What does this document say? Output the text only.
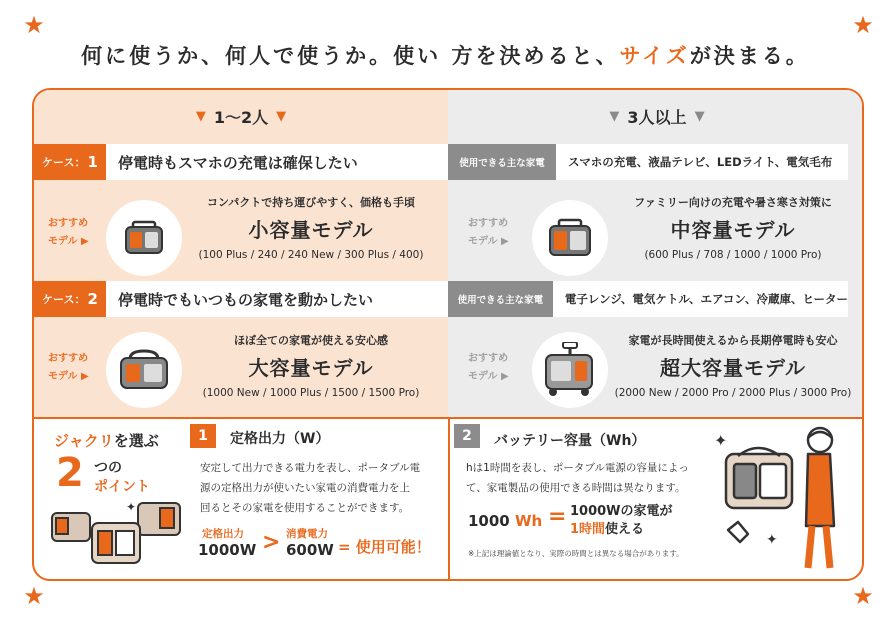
★	★
★	★
何に使うか、何人で使うか。使い 方を決めると、サイズが決まる。
▼ 1〜2人 ▼
ケース： 1	停電時もスマホの充電は確保したい
おすすめ
モデル ▶
コンパクトで持ち運びやすく、価格も手頃
小容量モデル
(100 Plus / 240 / 240 New / 300 Plus / 400)
ケース： 2	停電時でもいつもの家電を動かしたい
おすすめ
モデル ▶
ほぼ全ての家電が使える安心感
大容量モデル
(1000 New / 1000 Plus / 1500 / 1500 Pro)
▼ 3人以上 ▼
使用できる主な家電	スマホの充電、液晶テレビ、LEDライト、電気毛布
おすすめ
モデル ▶
ファミリー向けの充電や暑さ寒さ対策に
中容量モデル
(600 Plus / 708 / 1000 / 1000 Pro)
使用できる主な家電	電子レンジ、電気ケトル、エアコン、冷蔵庫、ヒーター
おすすめ
モデル ▶
家電が長時間使えるから長期停電時も安心
超大容量モデル
(2000 New / 2000 Pro / 2000 Plus / 3000 Pro)
ジャクリを選ぶ
2 つの
ポイント
✦
1	定格出力（W）
安定して出力できる電力を表し、ポータブル電
源の定格出力が使いたい家電の消費電力を上
回るとその家電を使用することができます。
定格出力
1000W > 消費電力
600W = 使用可能！
2	バッテリー容量（Wh）
hは1時間を表し、ポータブル電源の容量によっ
て、家電製品の使用できる時間は異なります。
1000 Wh = 1000Wの家電が
1時間使える
※上記は理論値となり、実際の時間とは異なる場合があります。
✦
✦
